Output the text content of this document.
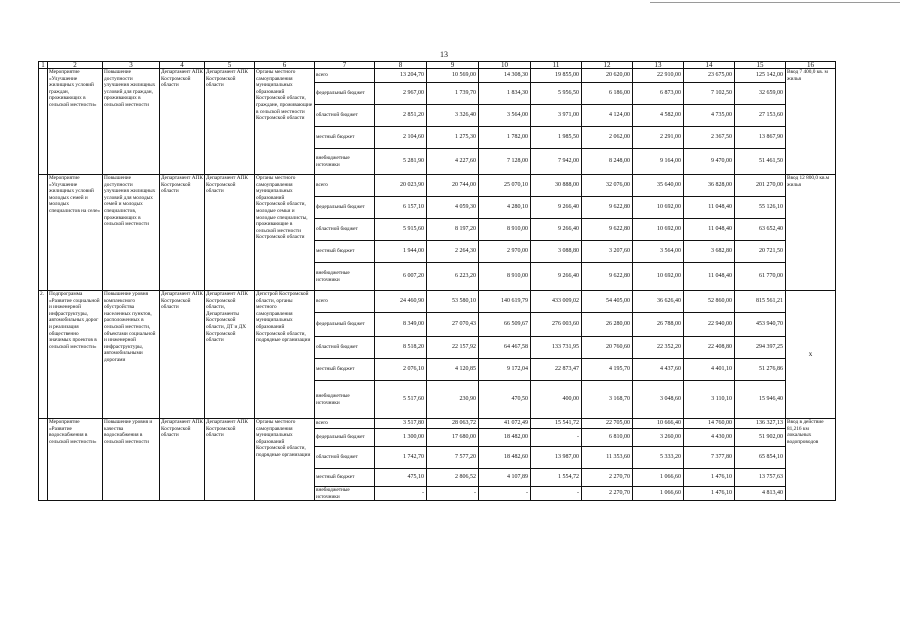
13
1	2	3	4	5	6	7	8	9	10	11	12	13	14	15	16
	Мероприятие «Улучшение жилищных условий граждан, проживающих в сельской местности»	Повышение доступности улучшения жилищных условий для граждан, проживающих в сельской местности	Департамент АПК Костромской области	Департамент АПК Костромской области	Органы местного самоуправления муниципальных образований Костромской области, граждане, проживающие в сельской местности Костромской области	всего	13 204,70	10 569,00	14 308,30	19 855,00	20 620,00	22 910,00	23 675,00	125 142,00	Ввод 7 400,0 кв. м жилья
						федеральный бюджет	2 967,00	1 739,70	1 834,30	5 956,50	6 186,00	6 873,00	7 102,50	32 659,00	
						областной бюджет	2 851,20	3 326,40	3 564,00	3 971,00	4 124,00	4 582,00	4 735,00	27 153,60	
						местный бюджет	2 104,60	1 275,30	1 782,00	1 985,50	2 062,00	2 291,00	2 367,50	13 867,90	
						внебюджетные источники	5 281,90	4 227,60	7 128,00	7 942,00	8 248,00	9 164,00	9 470,00	51 461,50	
	Мероприятие «Улучшение жилищных условий молодых семей и молодых специалистов на селе»	Повышение доступности улучшения жилищных условий для молодых семей и молодых специалистов, проживающих в сельской местности	Департамент АПК Костромской области	Департамент АПК Костромской области	Органы местного самоуправления муниципальных образований Костромской области, молодые семьи и молодые специалисты, проживающие в сельской местности Костромской области	всего	20 023,90	20 744,00	25 070,10	30 888,00	32 076,00	35 640,00	36 828,00	201 270,00	Ввод 12 800,0 кв.м жилья
						федеральный бюджет	6 157,10	4 059,30	4 280,10	9 266,40	9 622,80	10 692,00	11 048,40	55 126,10	
						областной бюджет	5 915,60	8 197,20	8 910,00	9 266,40	9 622,80	10 692,00	11 048,40	63 652,40	
						местный бюджет	1 944,00	2 264,30	2 970,00	3 088,80	3 207,60	3 564,00	3 682,80	20 721,50	
						внебюджетные источники	6 007,20	6 223,20	8 910,00	9 266,40	9 622,80	10 692,00	11 048,40	61 770,00	
2.	Подпрограмма «Развитие социальной и инженерной инфраструктуры, автомобильных дорог и реализация общественно значимых проектов в сельской местности»	Повышение уровня комплексного обустройства населенных пунктов, расположенных в сельской местности, объектами социальной и инженерной инфраструктуры, автомобильными дорогами	Департамент АПК Костромской области	Департамент АПК Костромской области, Департаменты Костромской области, ДТ и ДХ Костромской области	Депстрой Костромской области, органы местного самоуправления муниципальных образований Костромской области, подрядные организации	всего	24 460,90	53 580,10	140 619,79	433 009,02	54 405,00	36 626,40	52 860,00	815 561,21	x
						федеральный бюджет	8 349,00	27 070,43	66 509,67	276 003,60	26 280,00	26 788,00	22 940,00	453 940,70	
						областной бюджет	8 518,20	22 157,92	64 467,58	133 731,95	20 760,60	22 352,20	22 408,80	294 397,25	
						местный бюджет	2 076,10	4 120,85	9 172,04	22 873,47	4 195,70	4 437,60	4 401,10	51 276,86	
						внебюджетные источники	5 517,60	230,90	470,50	400,00	3 168,70	3 048,60	3 110,10	15 946,40	
	Мероприятие «Развитие водоснабжения в сельской местности»	Повышение уровня и качества водоснабжения в сельской местности	Департамент АПК Костромской области	Департамент АПК Костромской области	Органы местного самоуправления муниципальных образований Костромской области, подрядные организации	всего	3 517,80	28 063,72	41 072,49	15 541,72	22 705,00	10 666,40	14 760,00	136 327,13	Ввод в действие 81,216 км локальных водопроводов
						федеральный бюджет	1 300,00	17 680,00	18 482,00	-	6 810,00	3 260,00	4 430,00	51 902,00	
						областной бюджет	1 742,70	7 577,20	18 482,60	13 987,00	11 353,60	5 333,20	7 377,80	65 854,10	
						местный бюджет	475,10	2 806,52	4 107,89	1 554,72	2 270,70	1 066,60	1 476,10	13 757,63	
						внебюджетные источники	-	-	-	-	2 270,70	1 066,60	1 476,10	4 813,40	
